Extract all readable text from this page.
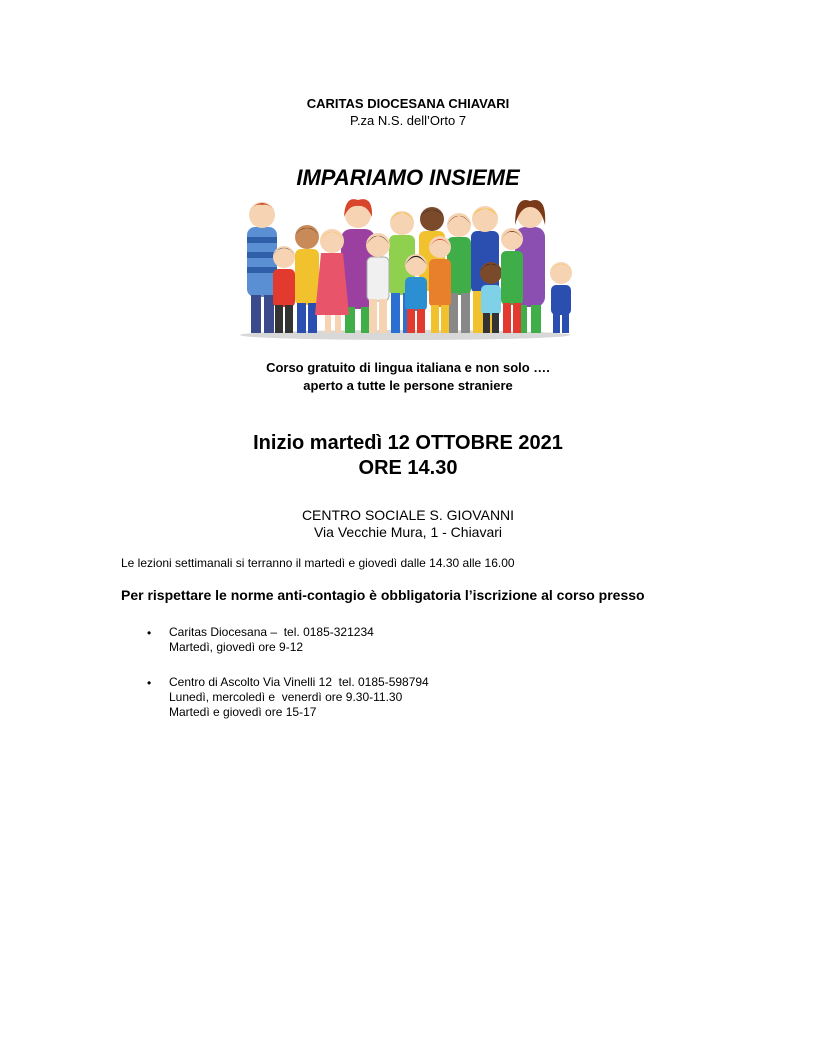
CARITAS DIOCESANA CHIAVARI
P.za N.S. dell’Orto 7
IMPARIAMO INSIEME
Corso gratuito di lingua italiana e non solo ….
aperto a tutte le persone straniere
Inizio martedì 12 OTTOBRE 2021
ORE 14.30
CENTRO SOCIALE S. GIOVANNI
Via Vecchie Mura, 1 - Chiavari
Le lezioni settimanali si terranno il martedì e giovedì dalle 14.30 alle 16.00
Per rispettare le norme anti-contagio è obbligatoria l’iscrizione al corso presso
• Caritas Diocesana –  tel. 0185-321234
Martedì, giovedì ore 9-12
• Centro di Ascolto Via Vinelli 12  tel. 0185-598794
Lunedì, mercoledì e  venerdì ore 9.30-11.30
Martedì e giovedì ore 15-17
